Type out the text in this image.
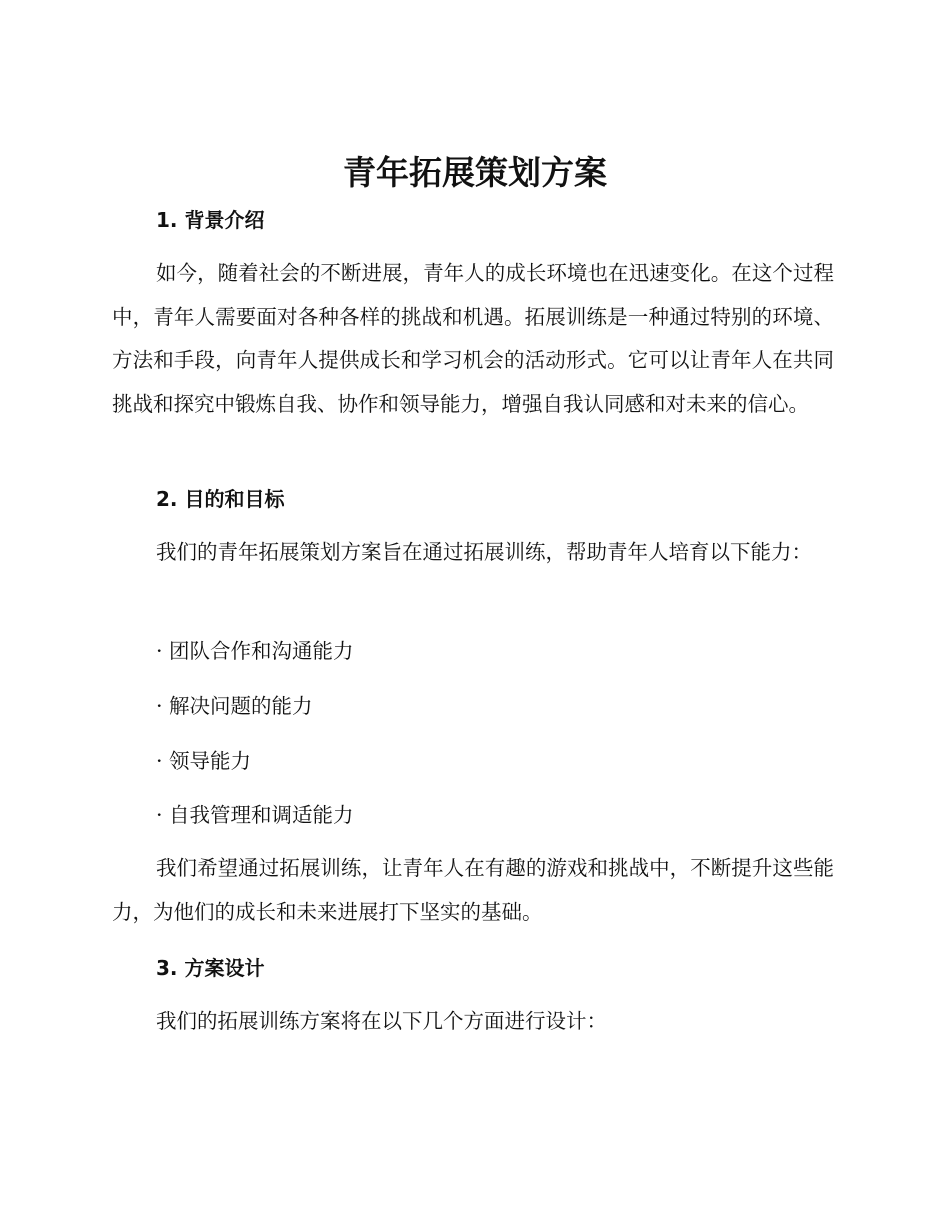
青年拓展策划方案
1. 背景介绍

如今，随着社会的不断进展，青年人的成长环境也在迅速变化。在这个过程中，青年人需要面对各种各样的挑战和机遇。拓展训练是一种通过特别的环境、方法和手段，向青年人提供成长和学习机会的活动形式。它可以让青年人在共同挑战和探究中锻炼自我、协作和领导能力，增强自我认同感和对未来的信心。

2. 目的和目标

我们的青年拓展策划方案旨在通过拓展训练，帮助青年人培育以下能力：

· 团队合作和沟通能力

· 解决问题的能力

· 领导能力

· 自我管理和调适能力

我们希望通过拓展训练，让青年人在有趣的游戏和挑战中，不断提升这些能力，为他们的成长和未来进展打下坚实的基础。

3. 方案设计

我们的拓展训练方案将在以下几个方面进行设计：
